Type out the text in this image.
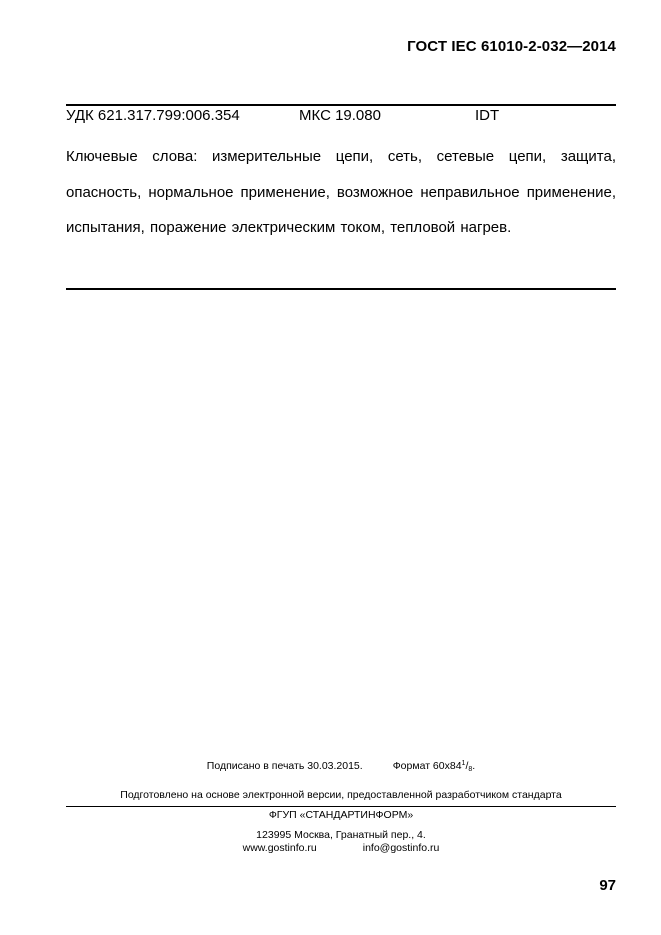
ГОСТ IEC 61010-2-032—2014
УДК 621.317.799:006.354	МКС 19.080	IDT
Ключевые слова: измерительные цепи, сеть, сетевые цепи, защита, опасность, нормальное применение, возможное неправильное применение, испытания, поражение электрическим током, тепловой нагрев.
Подписано в печать 30.03.2015.	Формат $60х84^1/_8$.
Подготовлено на основе электронной версии, предоставленной разработчиком стандарта
ФГУП «СТАНДАРТИНФОРМ»
123995 Москва, Гранатный пер., 4.
www.gostinfo.ru	info@gostinfo.ru
97
